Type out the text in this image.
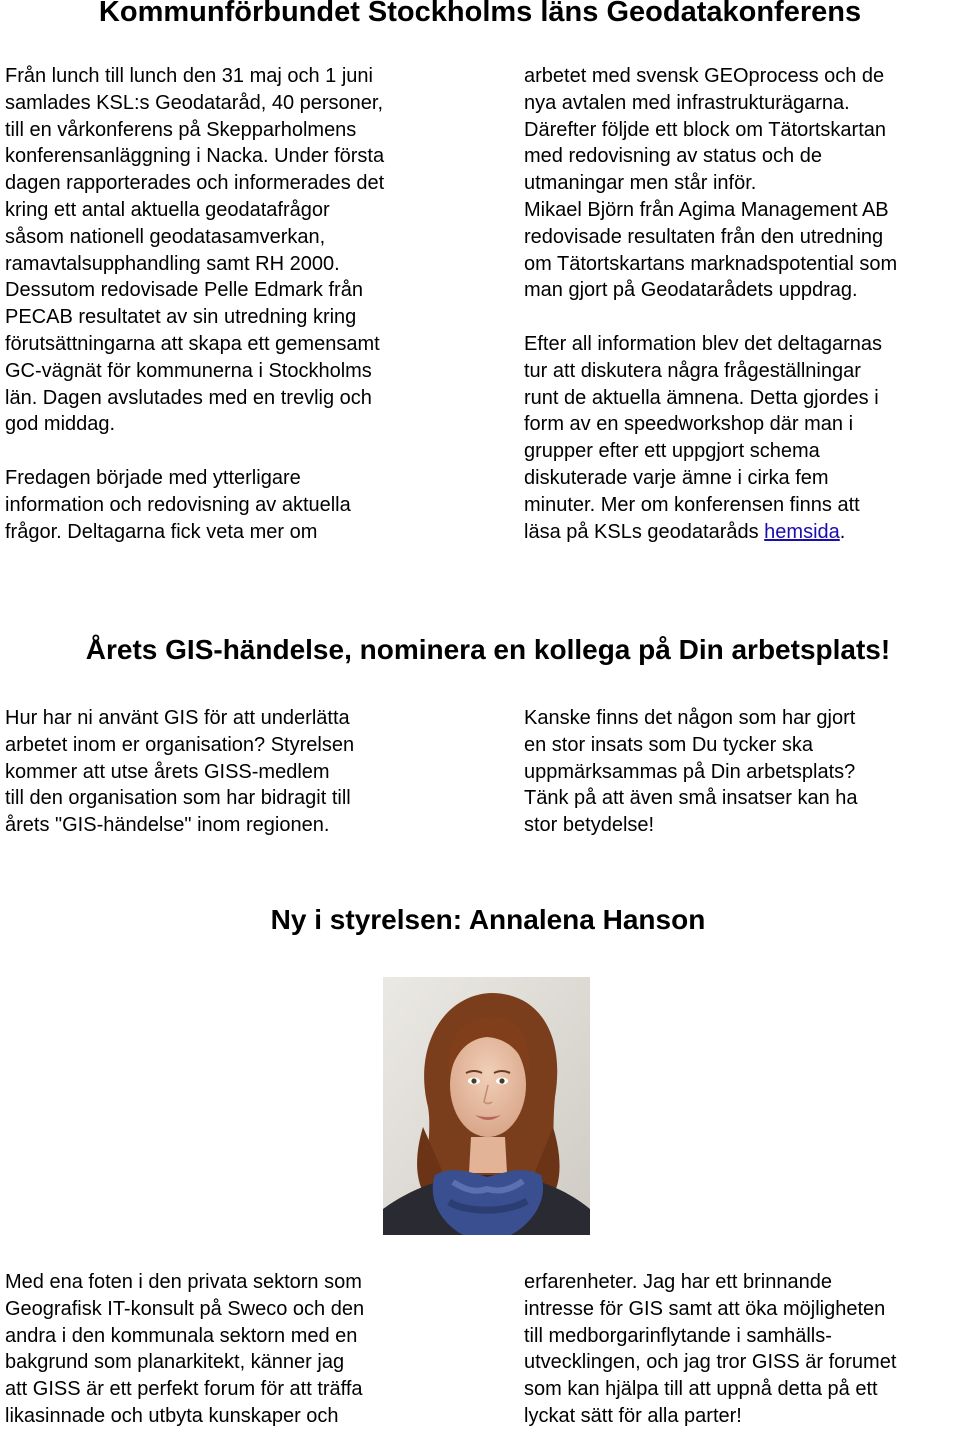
Kommunförbundet Stockholms läns Geodatakonferens
Från lunch till lunch den 31 maj och 1 juni
samlades KSL:s Geodataråd, 40 personer,
till en vårkonferens på Skepparholmens
konferensanläggning i Nacka. Under första
dagen rapporterades och informerades det
kring ett antal aktuella geodatafrågor
såsom nationell geodatasamverkan,
ramavtalsupphandling samt RH 2000.
Dessutom redovisade Pelle Edmark från
PECAB resultatet av sin utredning kring
förutsättningarna att skapa ett gemensamt
GC-vägnät för kommunerna i Stockholms
län. Dagen avslutades med en trevlig och
god middag.
Fredagen började med ytterligare
information och redovisning av aktuella
frågor. Deltagarna fick veta mer om
arbetet med svensk GEOprocess och de
nya avtalen med infrastrukturägarna.
Därefter följde ett block om Tätortskartan
med redovisning av status och de
utmaningar men står inför.
Mikael Björn från Agima Management AB
redovisade resultaten från den utredning
om Tätortskartans marknadspotential som
man gjort på Geodatarådets uppdrag.
Efter all information blev det deltagarnas
tur att diskutera några frågeställningar
runt de aktuella ämnena. Detta gjordes i
form av en speedworkshop där man i
grupper efter ett uppgjort schema
diskuterade varje ämne i cirka fem
minuter. Mer om konferensen finns att
läsa på KSLs geodataråds hemsida.
Årets GIS-händelse, nominera en kollega på Din arbetsplats!
Hur har ni använt GIS för att underlätta
arbetet inom er organisation? Styrelsen
kommer att utse årets GISS-medlem
till den organisation som har bidragit till
årets "GIS-händelse" inom regionen.
Kanske finns det någon som har gjort
en stor insats som Du tycker ska
uppmärksammas på Din arbetsplats?
Tänk på att även små insatser kan ha
stor betydelse!
Ny i styrelsen: Annalena Hanson
Med ena foten i den privata sektorn som
Geografisk IT-konsult på Sweco och den
andra i den kommunala sektorn med en
bakgrund som planarkitekt, känner jag
att GISS är ett perfekt forum för att träffa
likasinnade och utbyta kunskaper och
erfarenheter. Jag har ett brinnande
intresse för GIS samt att öka möjligheten
till medborgarinflytande i samhälls-
utvecklingen, och jag tror GISS är forumet
som kan hjälpa till att uppnå detta på ett
lyckat sätt för alla parter!
